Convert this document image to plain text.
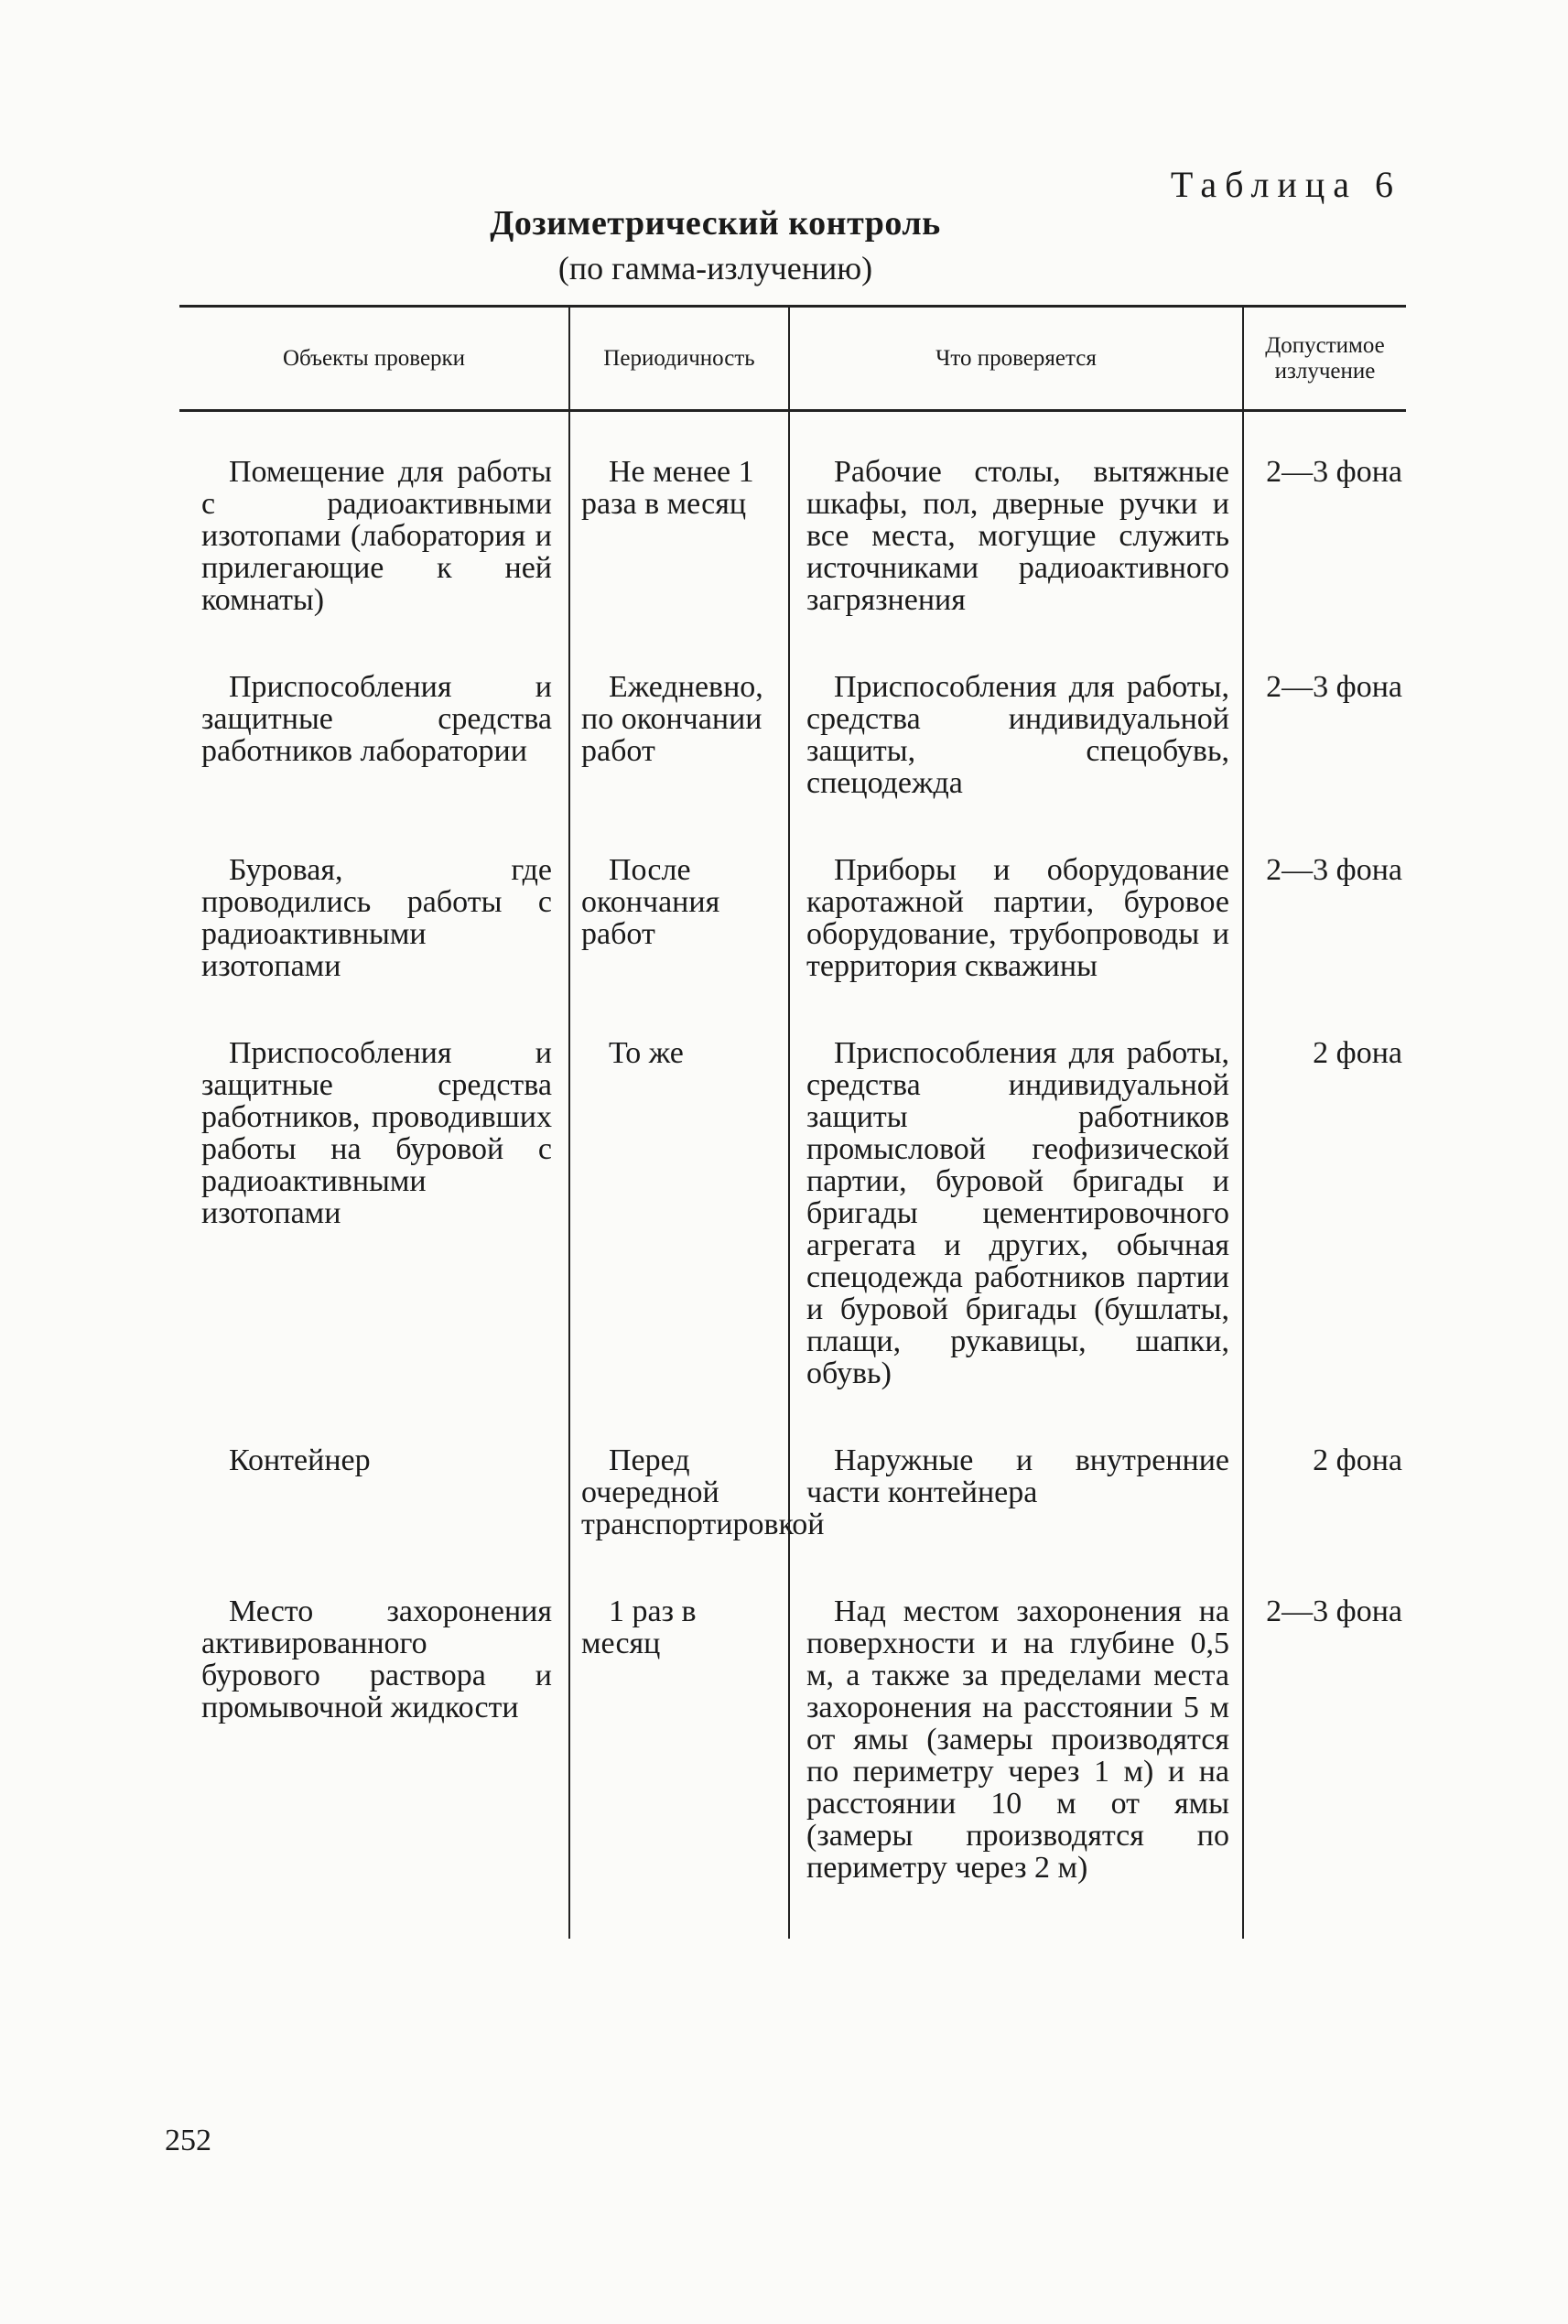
Таблица 6
Дозиметрический контроль
(по гамма-излучению)
Объекты проверки	Периодичность	Что проверяется	Допустимое излучение

Помещение для работы с радиоактивными изотопами (лаборатория и прилегающие к ней комнаты)	Не менее 1 раза в месяц	Рабочие столы, вытяжные шкафы, пол, дверные ручки и все места, могущие служить источниками радиоактивного загрязнения	2—3 фона

Приспособления и защитные средства работников лаборатории	Ежедневно, по окончании работ	Приспособления для работы, средства индивидуальной защиты, спецобувь, спецодежда	2—3 фона

Буровая, где проводились работы с радиоактивными изотопами	После окончания работ	Приборы и оборудование каротажной партии, буровое оборудование, трубопроводы и территория скважины	2—3 фона

Приспособления и защитные средства работников, проводивших работы на буровой с радиоактивными изотопами	То же	Приспособления для работы, средства индивидуальной защиты работников промысловой геофизической партии, буровой бригады и бригады цементировочного агрегата и других, обычная спецодежда работников партии и буровой бригады (бушлаты, плащи, рукавицы, шапки, обувь)	2 фона

Контейнер	Перед очередной транспортировкой	Наружные и внутренние части контейнера	2 фона

Место захоронения активированного бурового раствора и промывочной жидкости	1 раз в месяц	Над местом захоронения на поверхности и на глубине 0,5 м, а также за пределами места захоронения на расстоянии 5 м от ямы (замеры производятся по периметру через 1 м) и на расстоянии 10 м от ямы (замеры производятся по периметру через 2 м)	2—3 фона
252
